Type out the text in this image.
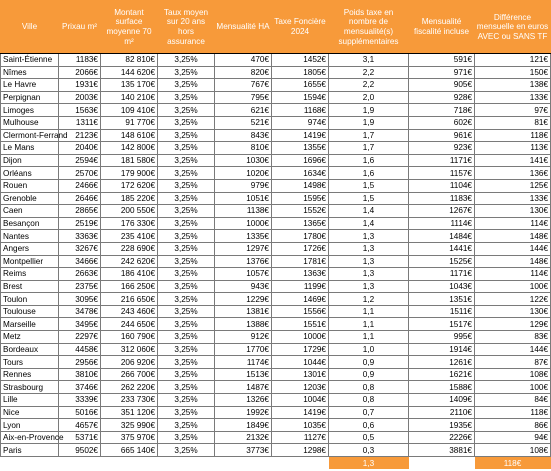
Ville	Prixau m²	Montant surface moyenne 70 m²	Taux moyen sur 20 ans hors assurance	Mensualité HA	Taxe Foncière 2024	Poids taxe en nombre de mensualité(s) supplémentaires	Mensualité fiscalité incluse	Différence mensuelle en euros AVEC ou SANS TF
Saint-Étienne	1183€	82 810€	3,25%	470€	1452€	3,1	591€	121€
Nîmes	2066€	144 620€	3,25%	820€	1805€	2,2	971€	150€
Le Havre	1931€	135 170€	3,25%	767€	1655€	2,2	905€	138€
Perpignan	2003€	140 210€	3,25%	795€	1594€	2,0	928€	133€
Limoges	1563€	109 410€	3,25%	621€	1168€	1,9	718€	97€
Mulhouse	1311€	91 770€	3,25%	521€	974€	1,9	602€	81€
Clermont-Ferrand	2123€	148 610€	3,25%	843€	1419€	1,7	961€	118€
Le Mans	2040€	142 800€	3,25%	810€	1355€	1,7	923€	113€
Dijon	2594€	181 580€	3,25%	1030€	1696€	1,6	1171€	141€
Orléans	2570€	179 900€	3,25%	1020€	1634€	1,6	1157€	136€
Rouen	2466€	172 620€	3,25%	979€	1498€	1,5	1104€	125€
Grenoble	2646€	185 220€	3,25%	1051€	1595€	1,5	1183€	133€
Caen	2865€	200 550€	3,25%	1138€	1552€	1,4	1267€	130€
Besançon	2519€	176 330€	3,25%	1000€	1365€	1,4	1114€	114€
Nantes	3363€	235 410€	3,25%	1335€	1780€	1,3	1484€	148€
Angers	3267€	228 690€	3,25%	1297€	1726€	1,3	1441€	144€
Montpellier	3466€	242 620€	3,25%	1376€	1781€	1,3	1525€	148€
Reims	2663€	186 410€	3,25%	1057€	1363€	1,3	1171€	114€
Brest	2375€	166 250€	3,25%	943€	1199€	1,3	1043€	100€
Toulon	3095€	216 650€	3,25%	1229€	1469€	1,2	1351€	122€
Toulouse	3478€	243 460€	3,25%	1381€	1556€	1,1	1511€	130€
Marseille	3495€	244 650€	3,25%	1388€	1551€	1,1	1517€	129€
Metz	2297€	160 790€	3,25%	912€	1000€	1,1	995€	83€
Bordeaux	4458€	312 060€	3,25%	1770€	1729€	1,0	1914€	144€
Tours	2956€	206 920€	3,25%	1174€	1044€	0,9	1261€	87€
Rennes	3810€	266 700€	3,25%	1513€	1301€	0,9	1621€	108€
Strasbourg	3746€	262 220€	3,25%	1487€	1203€	0,8	1588€	100€
Lille	3339€	233 730€	3,25%	1326€	1004€	0,8	1409€	84€
Nice	5016€	351 120€	3,25%	1992€	1419€	0,7	2110€	118€
Lyon	4657€	325 990€	3,25%	1849€	1035€	0,6	1935€	86€
Aix-en-Provence	5371€	375 970€	3,25%	2132€	1127€	0,5	2226€	94€
Paris	9502€	665 140€	3,25%	3773€	1298€	0,3	3881€	108€
						1,3		118€
